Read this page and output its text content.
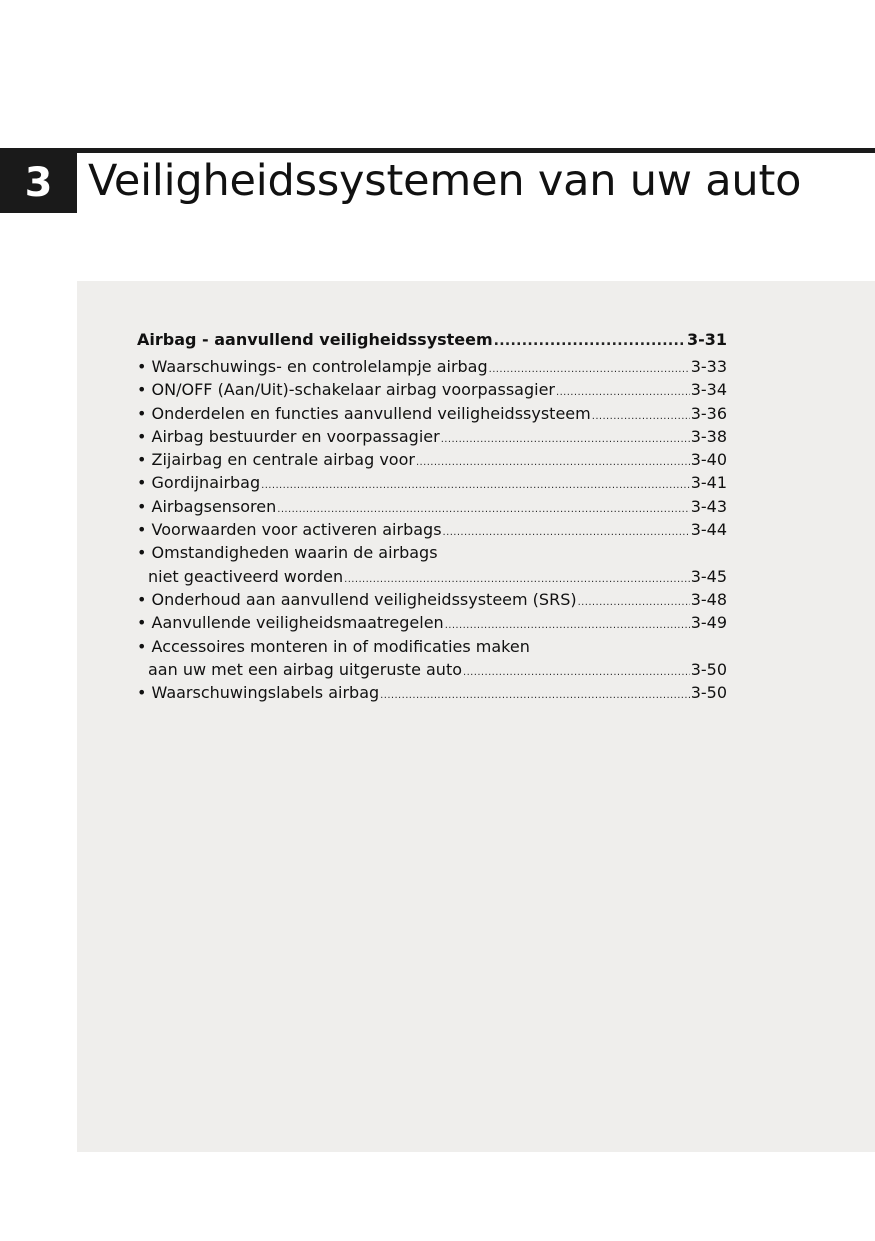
3 Veiligheidssystemen van uw auto
Airbag - aanvullend veiligheidssysteem .....	3-31
• Waarschuwings- en controlelampje airbag .....	3-33
• ON/OFF (Aan/Uit)-schakelaar airbag voorpassagier .....	3-34
• Onderdelen en functies aanvullend veiligheidssysteem .....	3-36
• Airbag bestuurder en voorpassagier .....	3-38
• Zijairbag en centrale airbag voor .....	3-40
• Gordijnairbag .....	3-41
• Airbagsensoren .....	3-43
• Voorwaarden voor activeren airbags .....	3-44
• Omstandigheden waarin de airbags
niet geactiveerd worden .....	3-45
• Onderhoud aan aanvullend veiligheidssysteem (SRS) .....	3-48
• Aanvullende veiligheidsmaatregelen .....	3-49
• Accessoires monteren in of modificaties maken
aan uw met een airbag uitgeruste auto .....	3-50
• Waarschuwingslabels airbag .....	3-50
